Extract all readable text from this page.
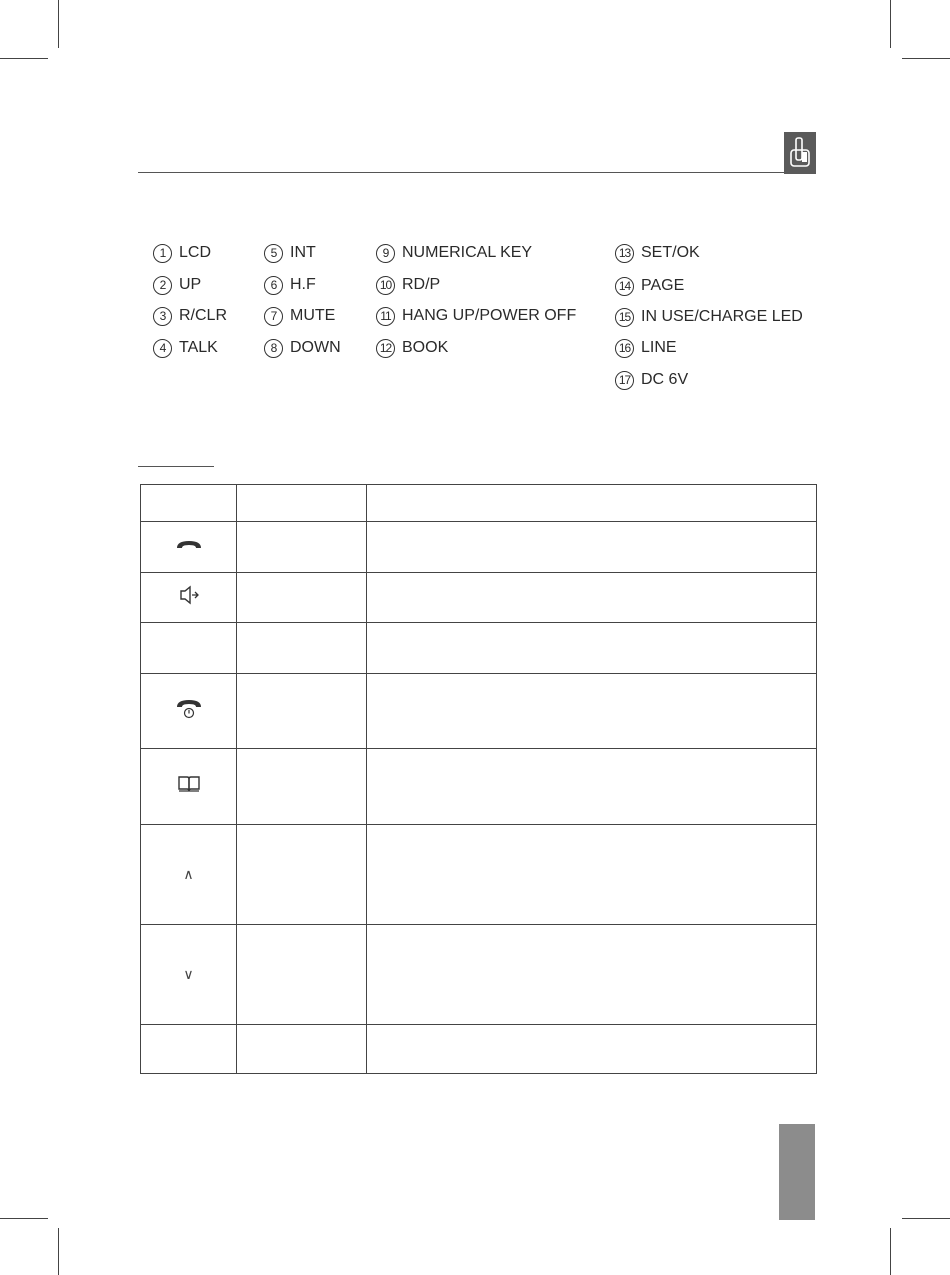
1 LCD
2 UP
3 R/CLR
4 TALK
5 INT
6 H.F
7 MUTE
8 DOWN
9 NUMERICAL KEY
10 RD/P
11 HANG UP/POWER OFF
12 BOOK
13 SET/OK
14 PAGE
15 IN USE/CHARGE LED
16 LINE
17 DC 6V

∧		
∨		
